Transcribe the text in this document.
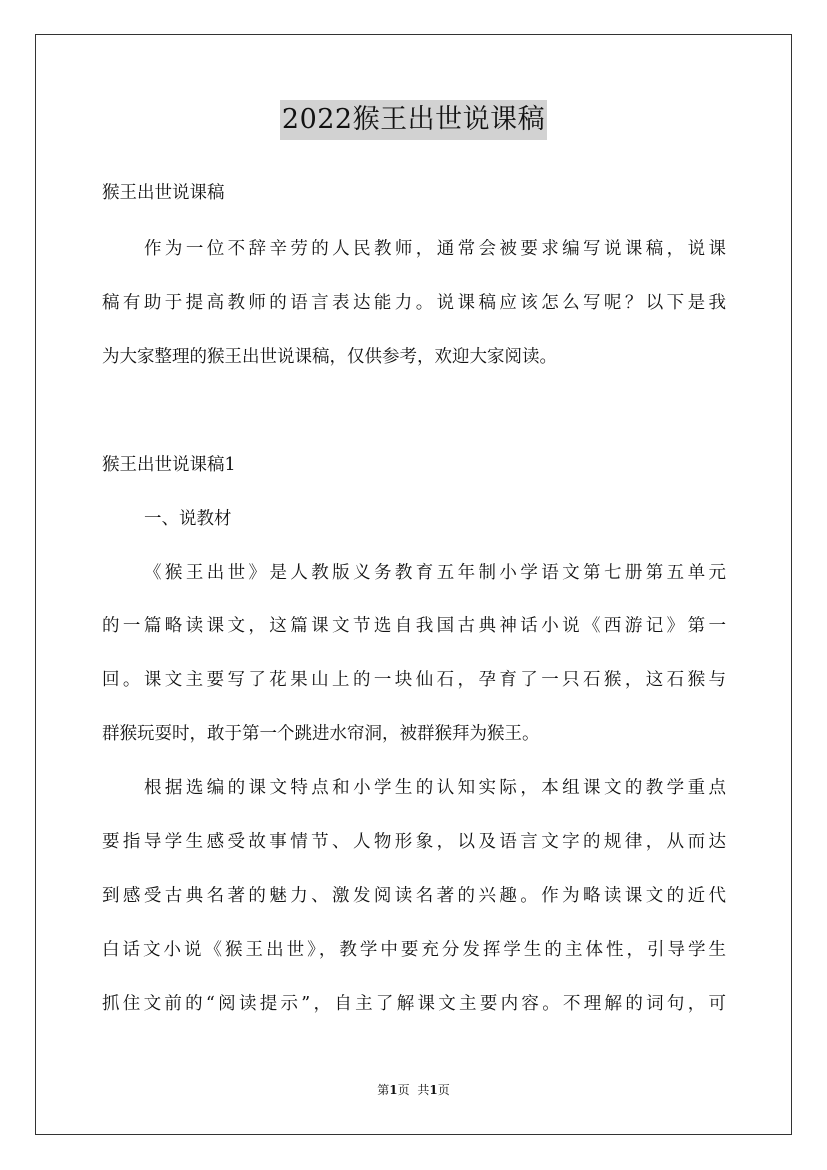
2022猴王出世说课稿
猴王出世说课稿
作为一位不辞辛劳的人民教师，通常会被要求编写说课稿，说课
稿有助于提高教师的语言表达能力。说课稿应该怎么写呢？以下是我
为大家整理的猴王出世说课稿，仅供参考，欢迎大家阅读。
猴王出世说课稿1
一、说教材
《猴王出世》是人教版义务教育五年制小学语文第七册第五单元
的一篇略读课文，这篇课文节选自我国古典神话小说《西游记》第一
回。课文主要写了花果山上的一块仙石，孕育了一只石猴，这石猴与
群猴玩耍时，敢于第一个跳进水帘洞，被群猴拜为猴王。
根据选编的课文特点和小学生的认知实际，本组课文的教学重点
要指导学生感受故事情节、人物形象，以及语言文字的规律，从而达
到感受古典名著的魅力、激发阅读名著的兴趣。作为略读课文的近代
白话文小说《猴王出世》，教学中要充分发挥学生的主体性，引导学生
抓住文前的“阅读提示”，自主了解课文主要内容。不理解的词句，可
第1页 共1页
